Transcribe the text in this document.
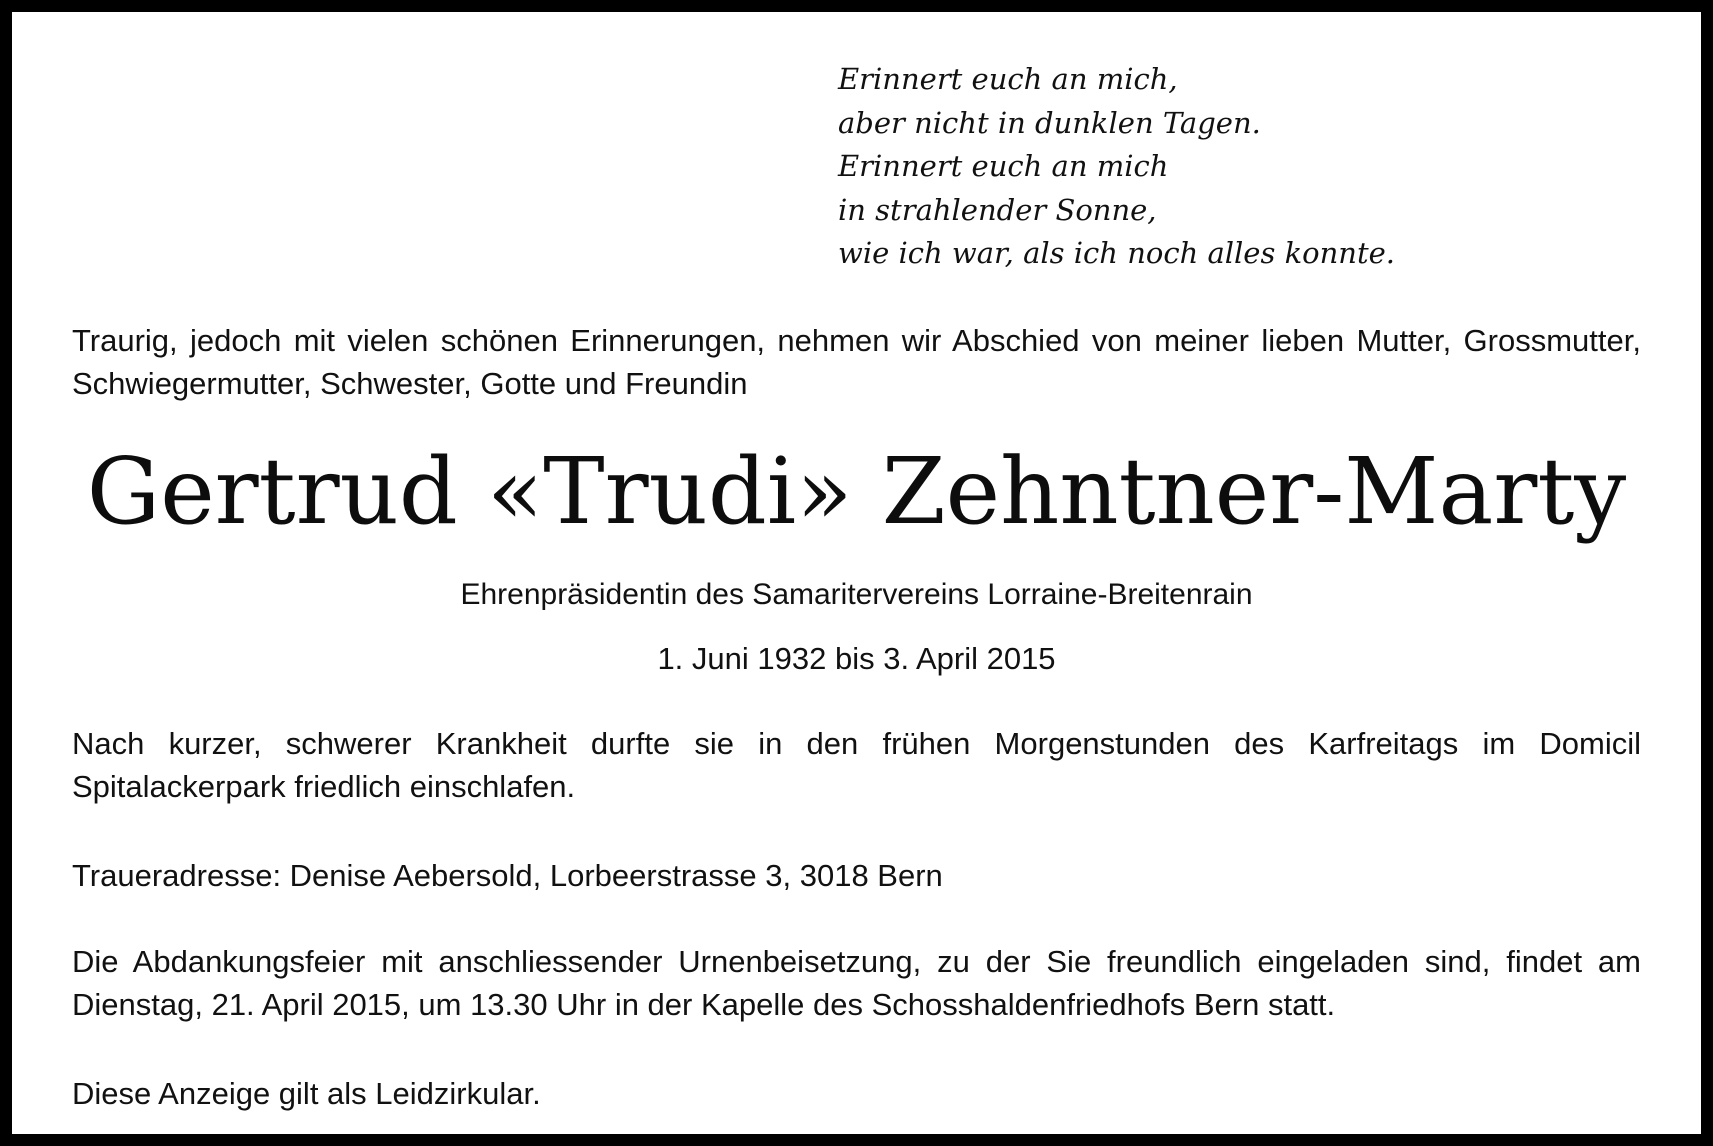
Erinnert euch an mich,
aber nicht in dunklen Tagen.
Erinnert euch an mich
in strahlender Sonne,
wie ich war, als ich noch alles konnte.
Traurig, jedoch mit vielen schönen Erinnerungen, nehmen wir Abschied von meiner lieben Mutter, Grossmutter, Schwiegermutter, Schwester, Gotte und Freundin
Gertrud «Trudi» Zehntner-Marty
Ehrenpräsidentin des Samaritervereins Lorraine-Breitenrain
1. Juni 1932 bis 3. April 2015
Nach kurzer, schwerer Krankheit durfte sie in den frühen Morgenstunden des Karfreitags im Domicil Spitalackerpark friedlich einschlafen.
Traueradresse: Denise Aebersold, Lorbeerstrasse 3, 3018 Bern
Die Abdankungsfeier mit anschliessender Urnenbeisetzung, zu der Sie freundlich eingeladen sind, findet am Dienstag, 21. April 2015, um 13.30 Uhr in der Kapelle des Schosshaldenfriedhofs Bern statt.
Diese Anzeige gilt als Leidzirkular.
